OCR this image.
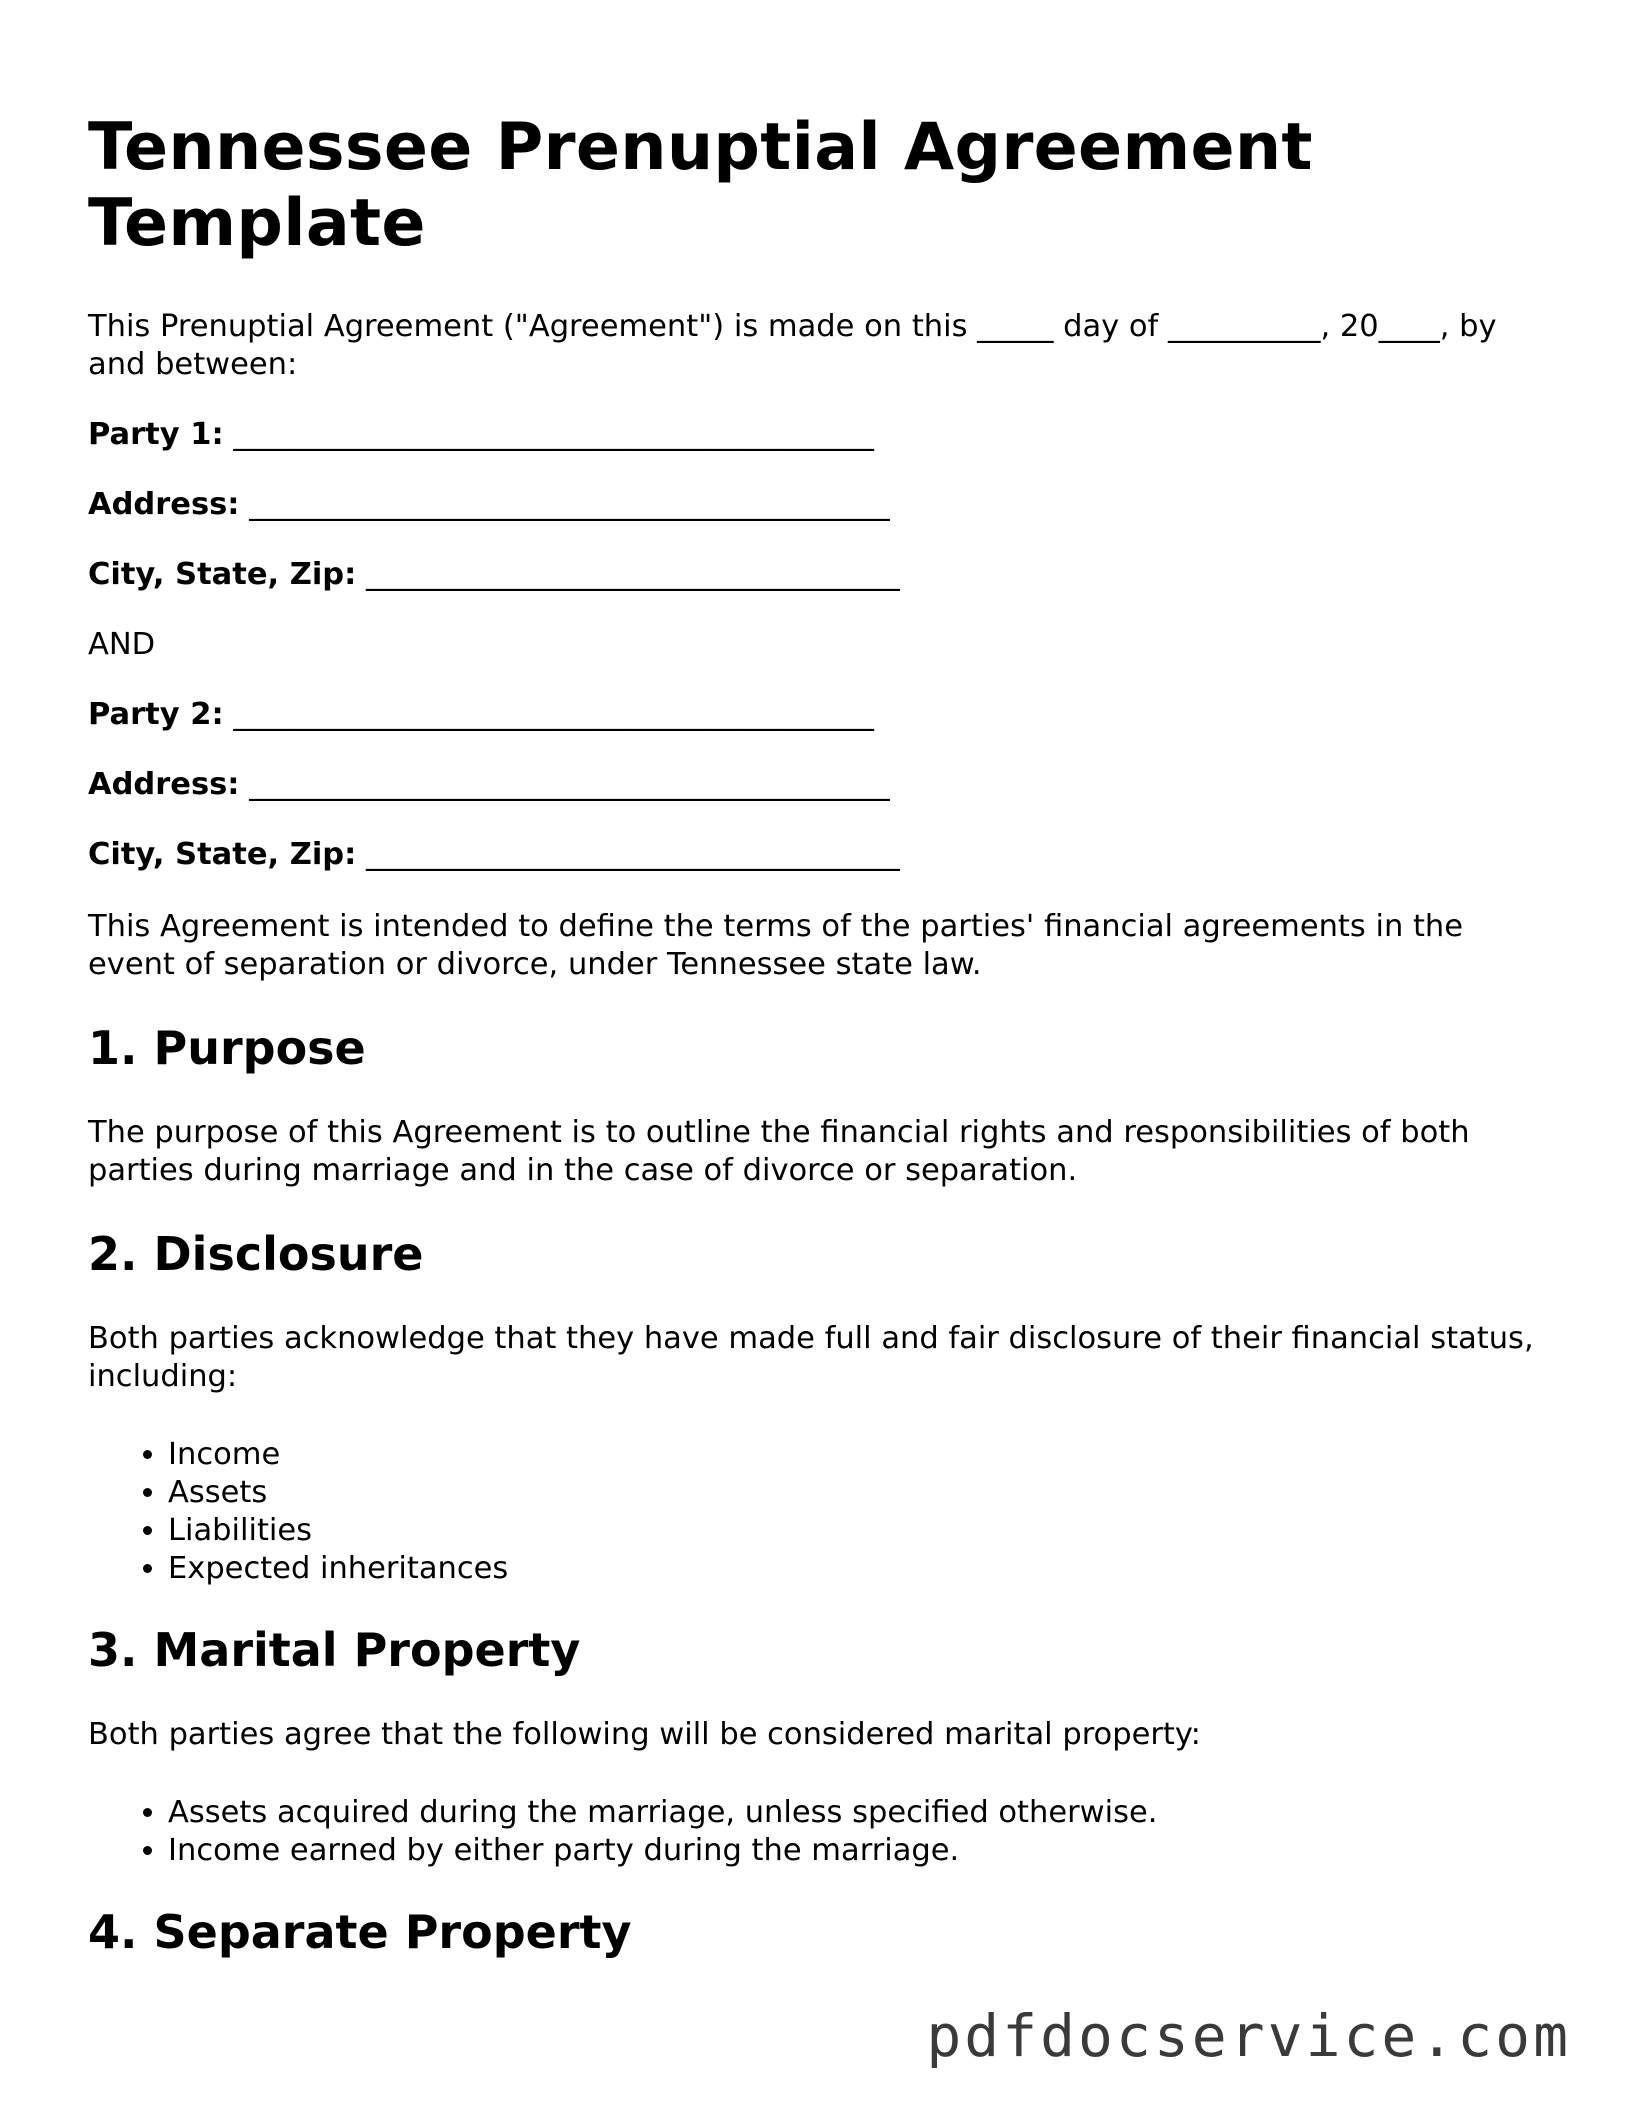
Tennessee Prenuptial Agreement Template

This Prenuptial Agreement ("Agreement") is made on this _____ day of __________, 20____, by and between:

Party 1: __________________________________________

Address: __________________________________________

City, State, Zip: ___________________________________

AND

Party 2: __________________________________________

Address: __________________________________________

City, State, Zip: ___________________________________

This Agreement is intended to define the terms of the parties' financial agreements in the event of separation or divorce, under Tennessee state law.

1. Purpose

The purpose of this Agreement is to outline the financial rights and responsibilities of both parties during marriage and in the case of divorce or separation.

2. Disclosure

Both parties acknowledge that they have made full and fair disclosure of their financial status, including:

• Income
• Assets
• Liabilities
• Expected inheritances
3. Marital Property

Both parties agree that the following will be considered marital property:

• Assets acquired during the marriage, unless specified otherwise.
• Income earned by either party during the marriage.
4. Separate Property
pdfdocservice.com
